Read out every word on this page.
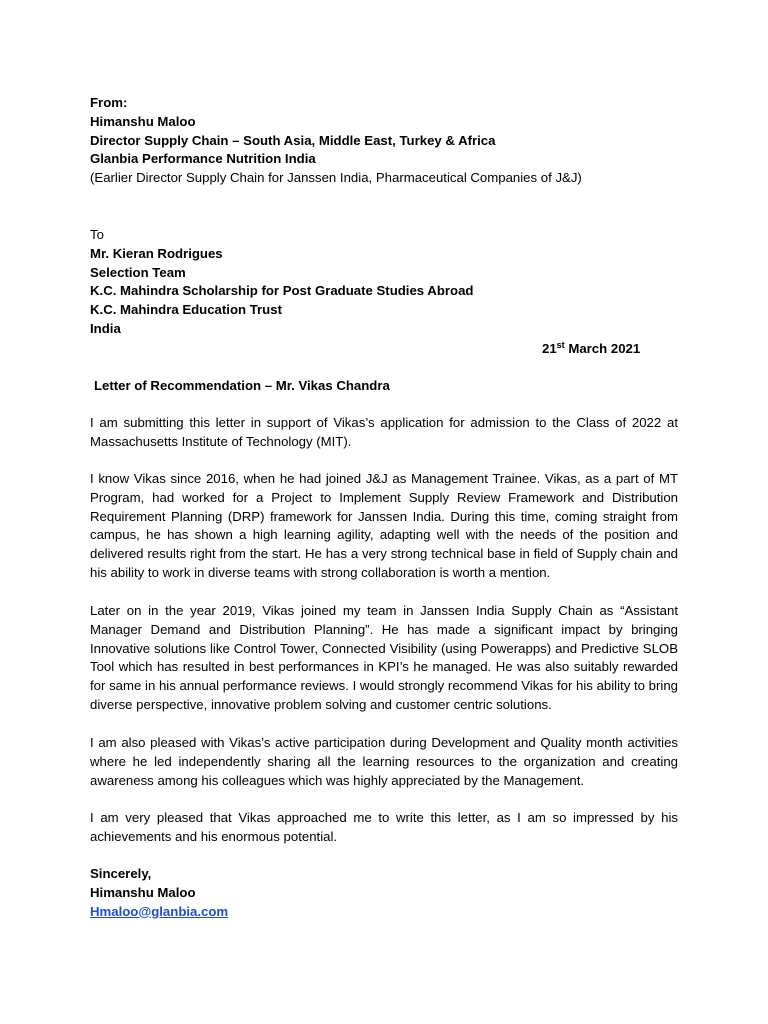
From:
Himanshu Maloo
Director Supply Chain – South Asia, Middle East, Turkey & Africa
Glanbia Performance Nutrition India
(Earlier Director Supply Chain for Janssen India, Pharmaceutical Companies of J&J)
To
Mr. Kieran Rodrigues
Selection Team
K.C. Mahindra Scholarship for Post Graduate Studies Abroad
K.C. Mahindra Education Trust
India
21st March 2021
Letter of Recommendation – Mr. Vikas Chandra

I am submitting this letter in support of Vikas’s application for admission to the Class of 2022 at Massachusetts Institute of Technology (MIT).

I know Vikas since 2016, when he had joined J&J as Management Trainee. Vikas, as a part of MT Program, had worked for a Project to Implement Supply Review Framework and Distribution Requirement Planning (DRP) framework for Janssen India. During this time, coming straight from campus, he has shown a high learning agility, adapting well with the needs of the position and delivered results right from the start. He has a very strong technical base in field of Supply chain and his ability to work in diverse teams with strong collaboration is worth a mention.

Later on in the year 2019, Vikas joined my team in Janssen India Supply Chain as “Assistant Manager Demand and Distribution Planning”. He has made a significant impact by bringing Innovative solutions like Control Tower, Connected Visibility (using Powerapps) and Predictive SLOB Tool which has resulted in best performances in KPI’s he managed. He was also suitably rewarded for same in his annual performance reviews. I would strongly recommend Vikas for his ability to bring diverse perspective, innovative problem solving and customer centric solutions.

I am also pleased with Vikas’s active participation during Development and Quality month activities where he led independently sharing all the learning resources to the organization and creating awareness among his colleagues which was highly appreciated by the Management.

I am very pleased that Vikas approached me to write this letter, as I am so impressed by his achievements and his enormous potential.

Sincerely,
Himanshu Maloo
Hmaloo@glanbia.com
